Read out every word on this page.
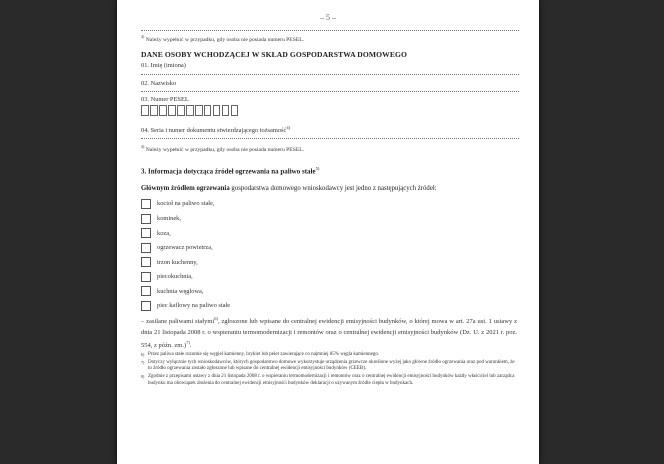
– 5 –
$^{4)}$ Należy wypełnić w przypadku, gdy osoba nie posiada numeru PESEL.
DANE OSOBY WCHODZĄCEJ W SKŁAD GOSPODARSTWA DOMOWEGO
01. Imię (imiona)
02. Nazwisko
03. Numer PESEL
04. Seria i numer dokumentu stwierdzającego tożsamość$^{4)}$
$^{4)}$ Należy wypełnić w przypadku, gdy osoba nie posiada numeru PESEL.
3. Informacja dotycząca źródeł ogrzewania na paliwo stałe$^{5)}$
Głównym źródłem ogrzewania gospodarstwa domowego wnioskodawcy jest jedno z następujących źródeł:
kocioł na paliwo stałe,
kominek,
koza,
ogrzewacz powietrza,
trzon kuchenny,
piecokuchnia,
kuchnia węglowa,
piec kaflowy na paliwo stałe
– zasilane paliwami stałymi$^{6)}$, zgłoszone lub wpisane do centralnej ewidencji emisyjności budynków, o której mowa w art. 27a ust. 1 ustawy z dnia 21 listopada 2008 r. o wspieraniu termomodernizacji i remontów oraz o centralnej ewidencji emisyjności budynków (Dz. U. z 2021 r. poz. 554, z późn. zm.)$^{7)}$.
6) Przez paliwa stałe rozumie się węgiel kamienny, brykiet lub pelet zawierające co najmniej 85% węgla kamiennego.
7) Dotyczy wyłącznie tych wnioskodawców, których gospodarstwo domowe wykorzystuje urządzenia grzewcze określone wyżej jako główne źródło ogrzewania oraz pod warunkiem, że to źródło ogrzewania zostało zgłoszone lub wpisane do centralnej ewidencji emisyjności budynków (CEEB).
8) Zgodnie z przepisami ustawy z dnia 21 listopada 2008 r. o wspieraniu termomodernizacji i remontów oraz o centralnej ewidencji emisyjności budynków każdy właściciel lub zarządca budynku ma obowiązek złożenia do centralnej ewidencji emisyjności budynków deklaracji o używanym źródle ciepła w budynkach.
